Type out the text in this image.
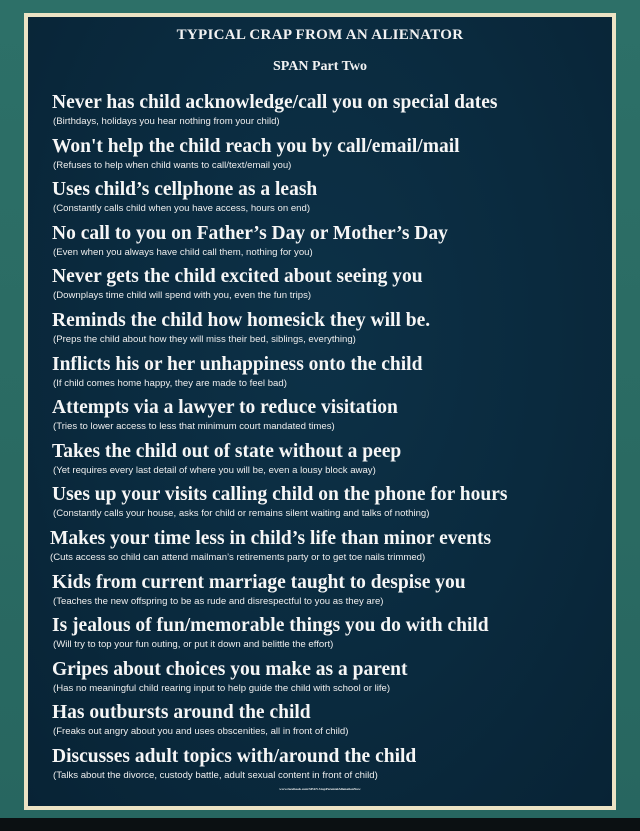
TYPICAL CRAP FROM AN ALIENATOR
SPAN Part Two
Never has child acknowledge/call you on special dates
(Birthdays, holidays you hear nothing from your child)
Won't help the child reach you by call/email/mail
(Refuses to help when child wants to call/text/email you)
Uses child’s cellphone as a leash
(Constantly calls child when you have access, hours on end)
No call to you on Father’s Day or Mother’s Day
(Even when you always have child call them, nothing for you)
Never gets the child excited about seeing you
(Downplays time child will spend with you, even the fun trips)
Reminds the child how homesick they will be.
(Preps the child about how they will miss their bed, siblings, everything)
Inflicts his or her unhappiness onto the child
(If child comes home happy, they are made to feel bad)
Attempts via a lawyer to reduce visitation
(Tries to lower access to less that minimum court mandated times)
Takes the child out of state without a peep
(Yet requires every last detail of where you will be, even a lousy block away)
Uses up your visits calling child on the phone for hours
(Constantly calls your house, asks for child or remains silent waiting and talks of nothing)
Makes your time less in child’s life than minor events
(Cuts access so child can attend mailman’s retirements party or to get toe nails trimmed)
Kids from current marriage taught to despise you
(Teaches the new offspring to be as rude and disrespectful to you as they are)
Is jealous of fun/memorable things you do with child
(Will try to top your fun outing, or put it down and belittle the effort)
Gripes about choices you make as a parent
(Has no meaningful child rearing input to help guide the child with school or life)
Has outbursts around the child
(Freaks out angry about you and uses obscenities, all in front of child)
Discusses adult topics with/around the child
(Talks about the divorce, custody battle, adult sexual content in front of child)
www.facebook.com/SPAN.StopParentalAlienationNow
